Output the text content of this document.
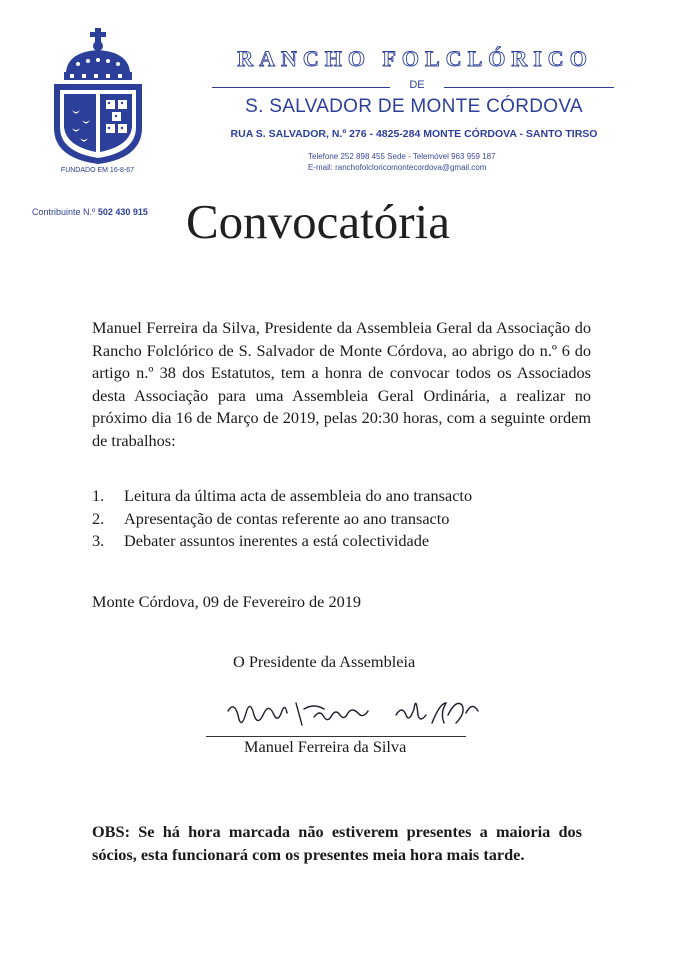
FUNDADO EM 16-8-67
RANCHO FOLCLÓRICO
DE
S. SALVADOR DE MONTE CÓRDOVA
RUA S. SALVADOR, N.º 276 - 4825-284 MONTE CÓRDOVA - SANTO TIRSO
Telefone 252 898 455 Sede - Telemóvel 963 959 187
E-mail: ranchofolcloricomontecordova@gmail.com
Contribuinte N.º 502 430 915 Convocatória
Manuel Ferreira da Silva, Presidente da Assembleia Geral da Associação do Rancho Folclórico de S. Salvador de Monte Córdova, ao abrigo do n.º 6 do artigo n.º 38 dos Estatutos, tem a honra de convocar todos os Associados desta Associação para uma Assembleia Geral Ordinária, a realizar no próximo dia 16 de Março de 2019, pelas 20:30 horas, com a seguinte ordem de trabalhos:
1.	Leitura da última acta de assembleia do ano transacto
2.	Apresentação de contas referente ao ano transacto
3.	Debater assuntos inerentes a está colectividade
Monte Córdova, 09 de Fevereiro de 2019
O Presidente da Assembleia
Manuel Ferreira da Silva
OBS: Se há hora marcada não estiverem presentes a maioria dos sócios, esta funcionará com os presentes meia hora mais tarde.
